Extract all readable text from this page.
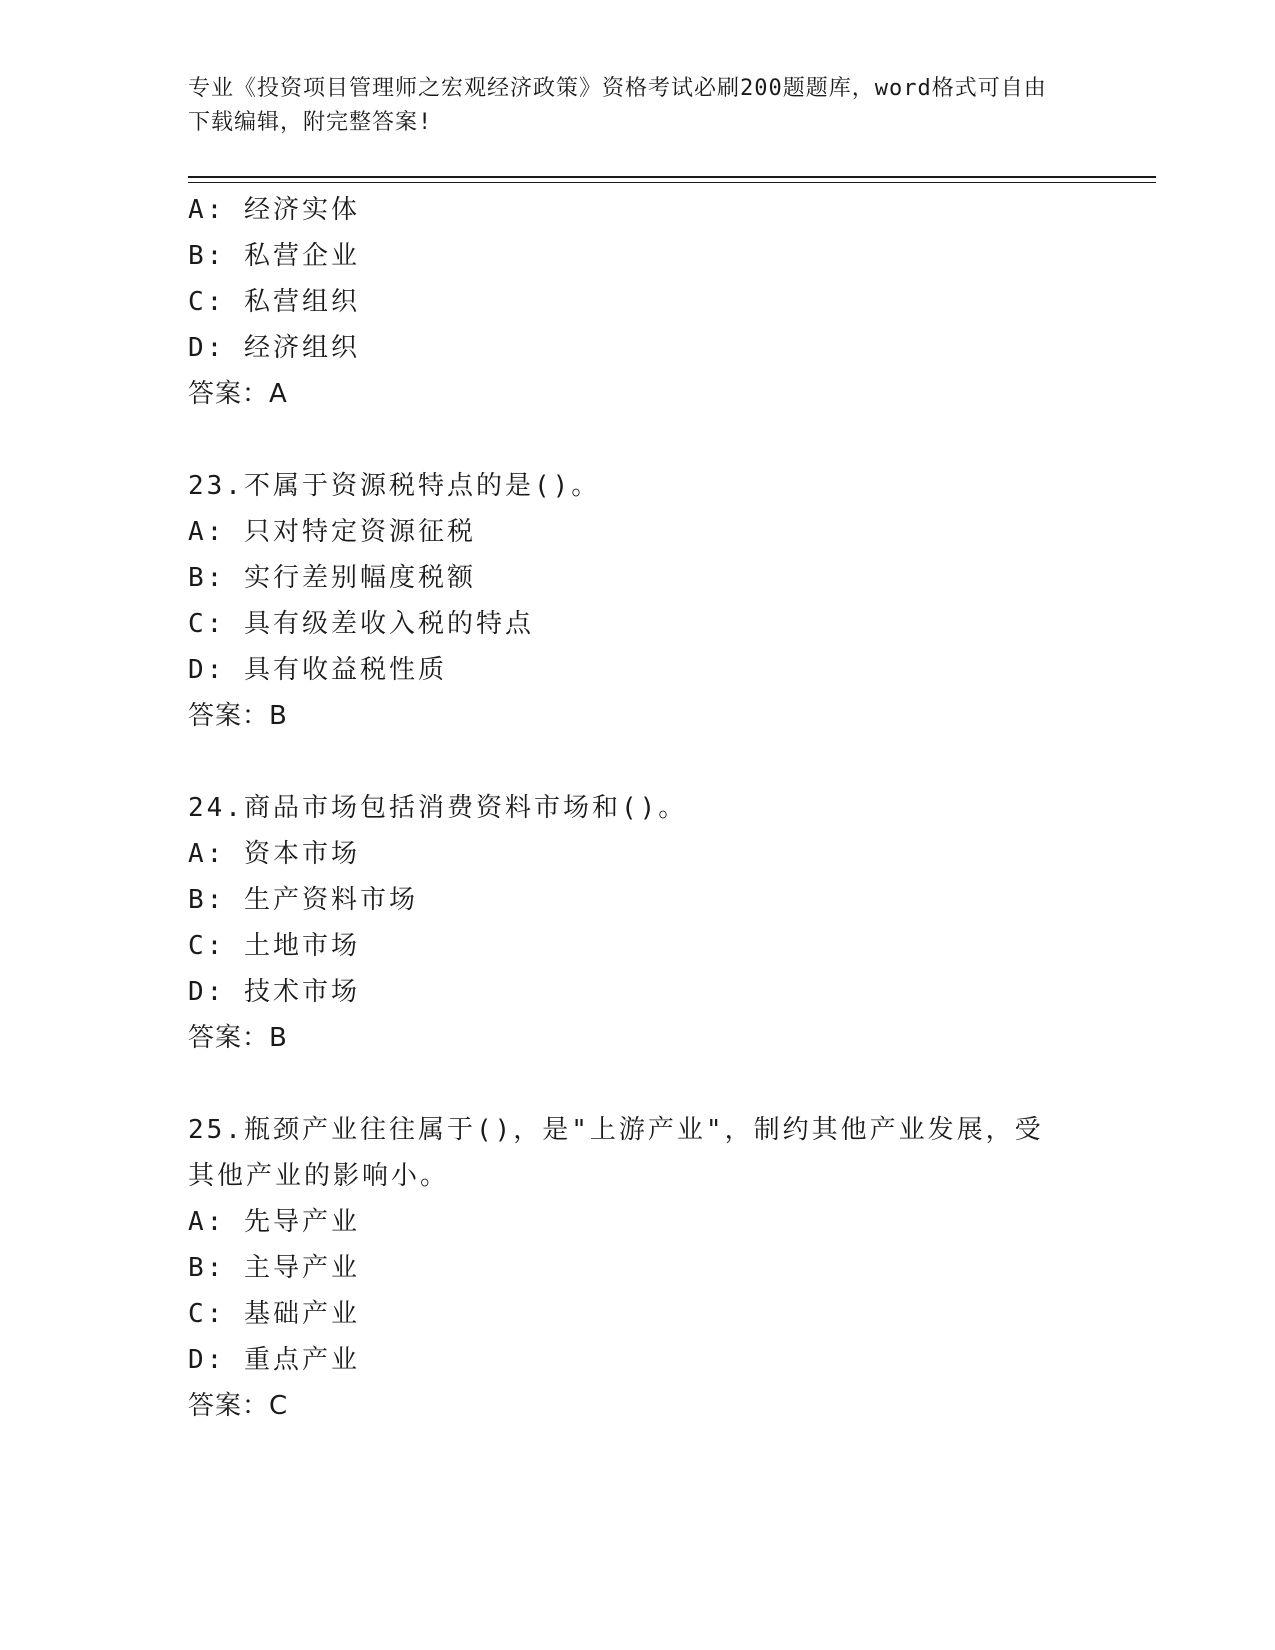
专业《投资项目管理师之宏观经济政策》资格考试必刷200题题库，word格式可自由下载编辑，附完整答案!
A: 经济实体
B: 私营企业
C: 私营组织
D: 经济组织
答案：A
23.不属于资源税特点的是()。
A: 只对特定资源征税
B: 实行差别幅度税额
C: 具有级差收入税的特点
D: 具有收益税性质
答案：B
24.商品市场包括消费资料市场和()。
A: 资本市场
B: 生产资料市场
C: 土地市场
D: 技术市场
答案：B
25.瓶颈产业往往属于()，是"上游产业"，制约其他产业发展，受其他产业的影响小。
A: 先导产业
B: 主导产业
C: 基础产业
D: 重点产业
答案：C
